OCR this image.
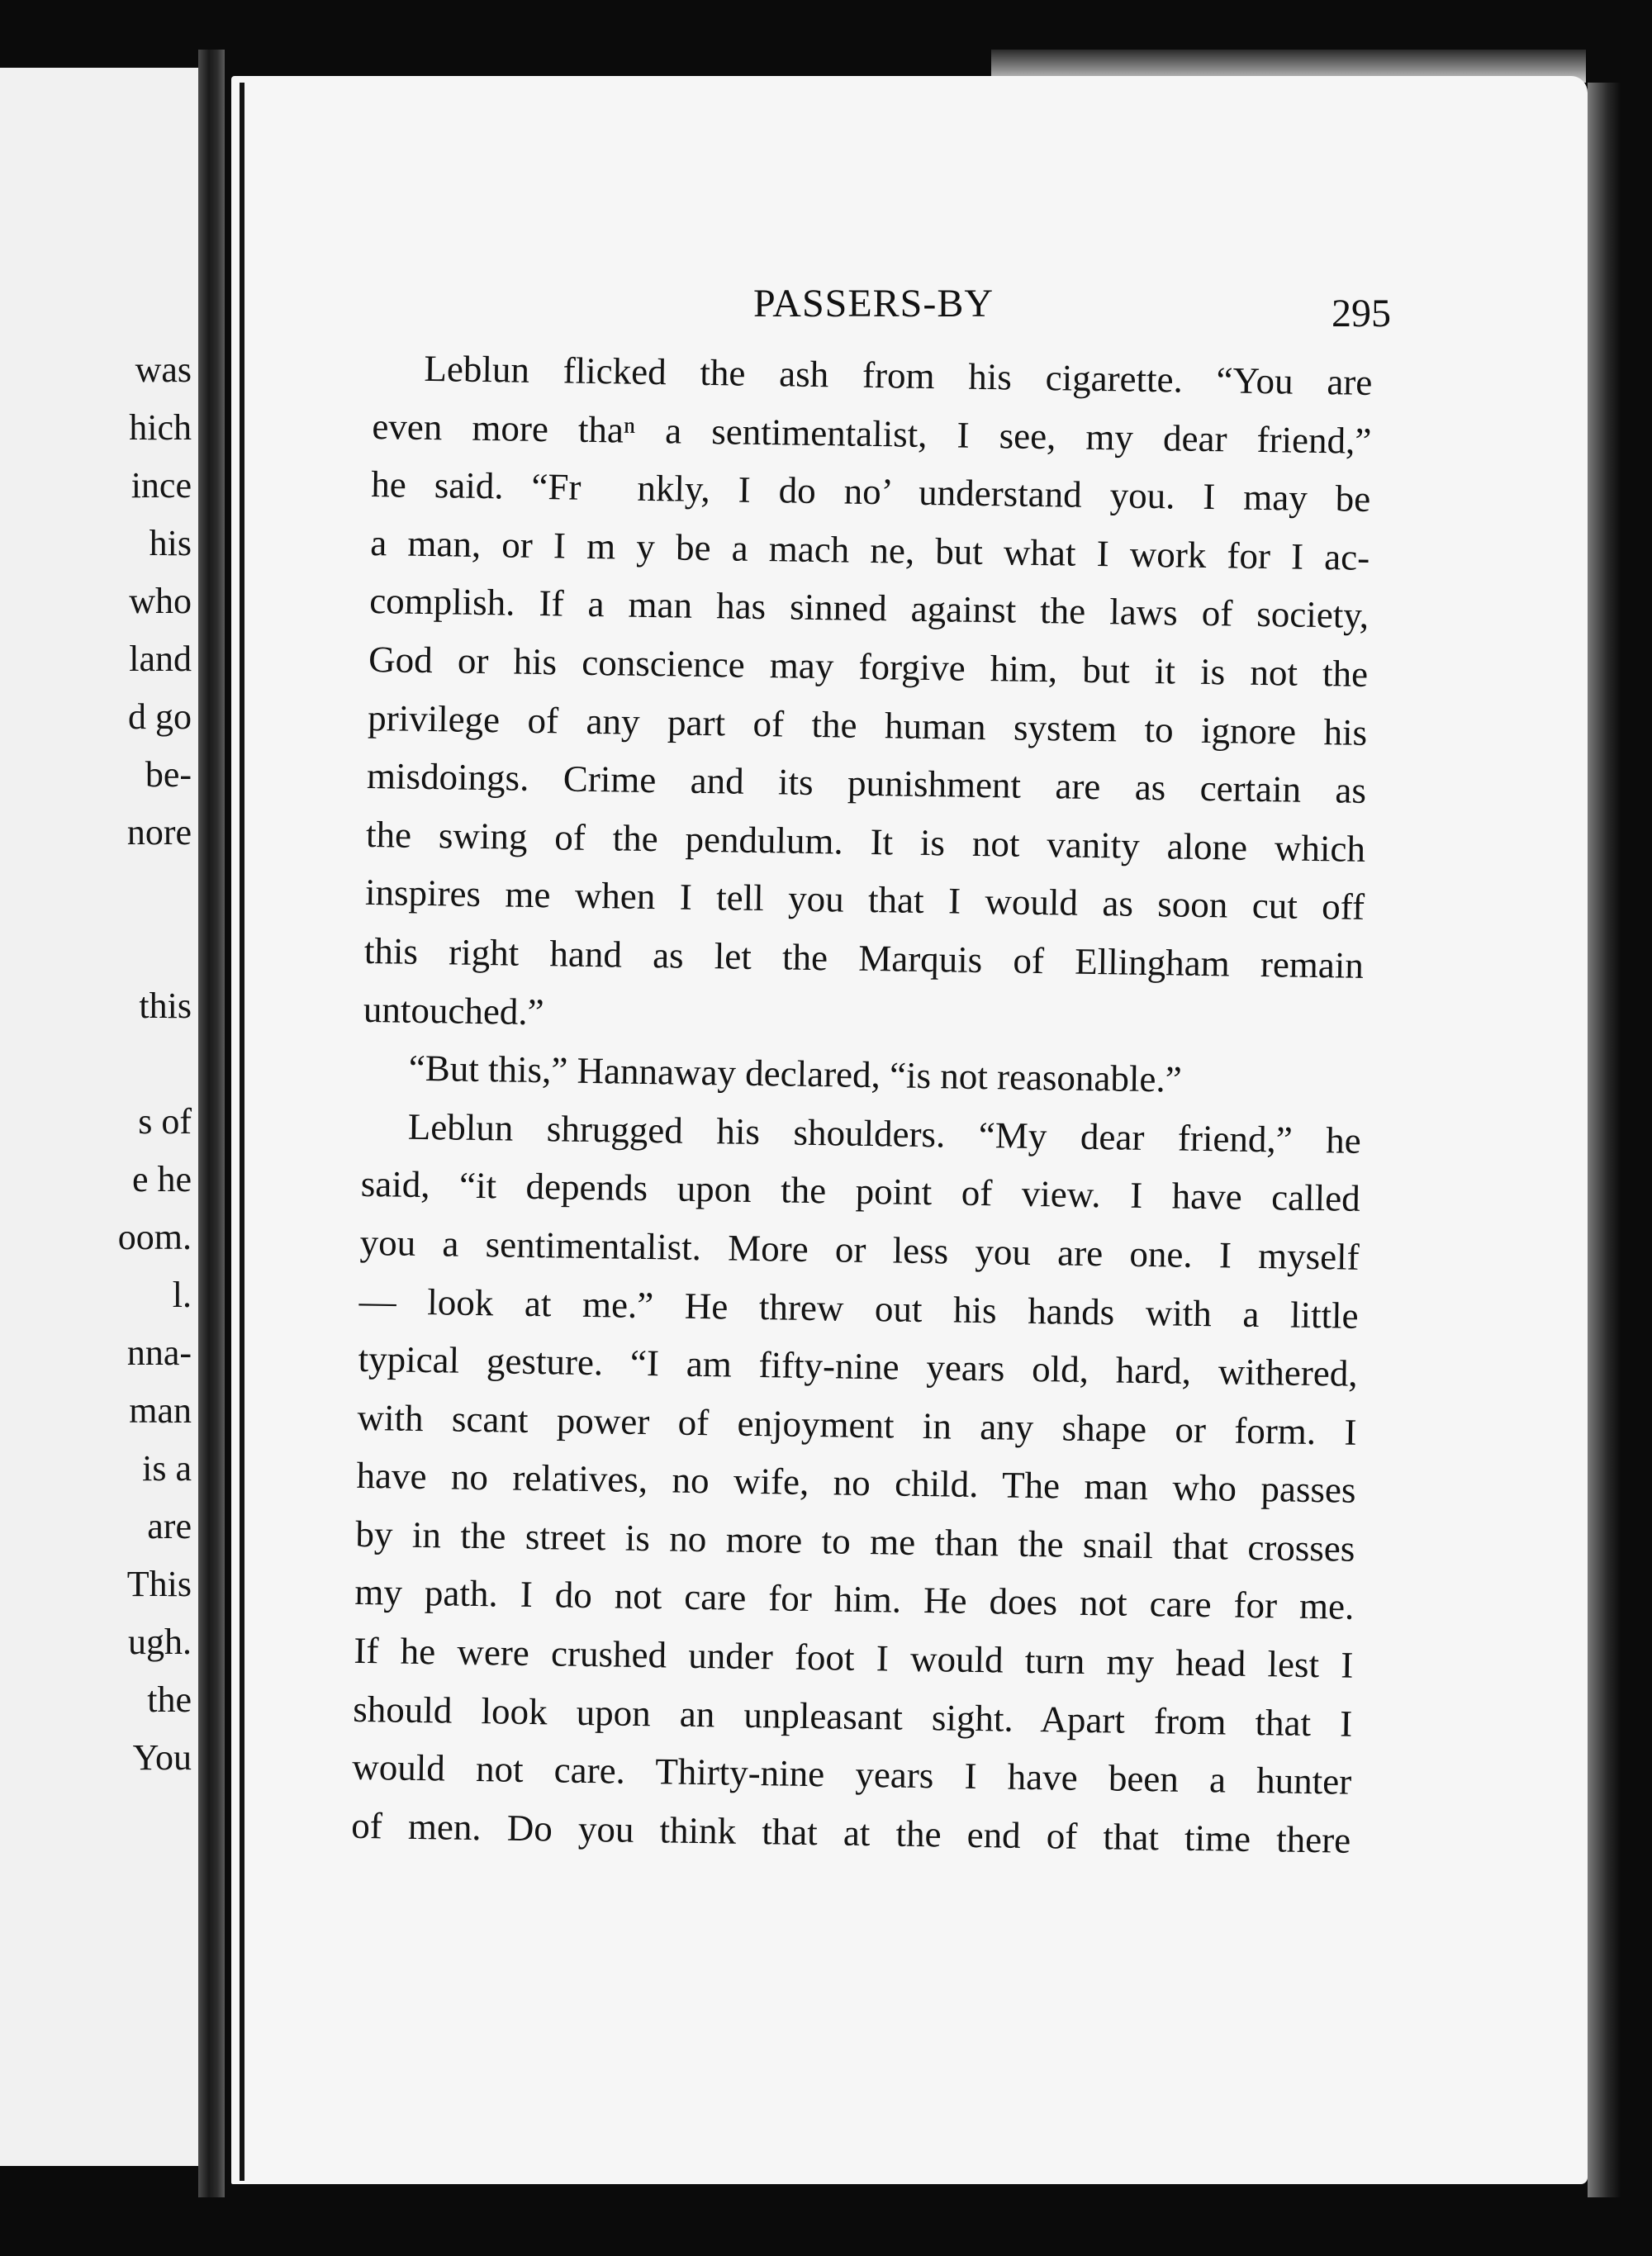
was
hich
ince
his
who
land
d go
be-
nore
this
s of
e he
oom.
l.
nna-
man
is a
are
This
ugh.
the
You
PASSERS-BY	295
Leblun flicked the ash from his cigarette. “You are
even more thaⁿ a sentimentalist, I see, my dear friend,”
he said. “Fr  nkly, I do no’ understand you. I may be
a man, or I m y be a mach ne, but what I work for I ac-
complish. If a man has sinned against the laws of society,
God or his conscience may forgive him, but it is not the
privilege of any part of the human system to ignore his
misdoings. Crime and its punishment are as certain as
the swing of the pendulum. It is not vanity alone which
inspires me when I tell you that I would as soon cut off
this right hand as let the Marquis of Ellingham remain
untouched.”
“But this,” Hannaway declared, “is not reasonable.”
Leblun shrugged his shoulders. “My dear friend,” he
said, “it depends upon the point of view. I have called
you a sentimentalist. More or less you are one. I myself
— look at me.” He threw out his hands with a little
typical gesture. “I am fifty-nine years old, hard, withered,
with scant power of enjoyment in any shape or form. I
have no relatives, no wife, no child. The man who passes
by in the street is no more to me than the snail that crosses
my path. I do not care for him. He does not care for me.
If he were crushed under foot I would turn my head lest I
should look upon an unpleasant sight. Apart from that I
would not care. Thirty-nine years I have been a hunter
of men. Do you think that at the end of that time there
